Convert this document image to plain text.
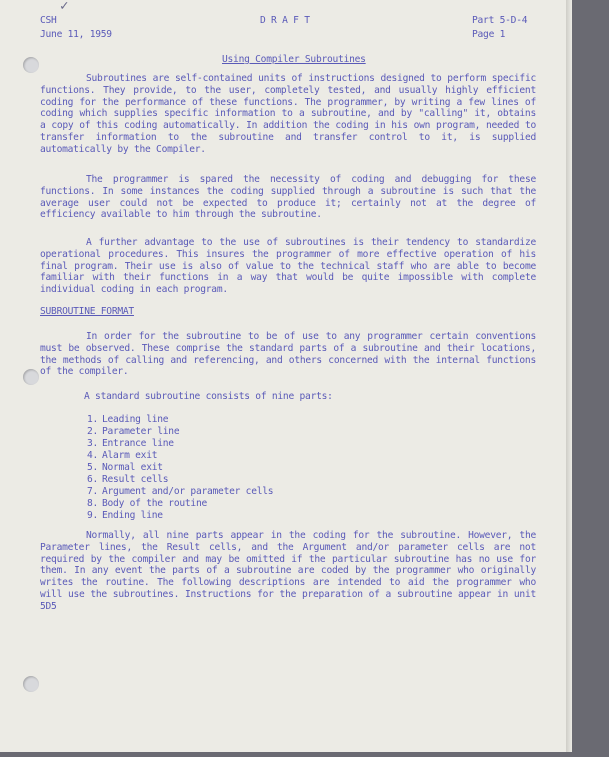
✓
CSH
June 11, 1959
D R A F T	Part 5-D-4
Page 1
Using Compiler Subroutines

Subroutines are self-contained units of instructions designed to perform specific functions. They provide, to the user, completely tested, and usually highly efficient coding for the performance of these functions. The programmer, by writing a few lines of coding which supplies specific information to a subroutine, and by "calling" it, obtains a copy of this coding automatically. In addition the coding in his own program, needed to transfer information to the subroutine and transfer control to it, is supplied automatically by the Compiler.

The programmer is spared the necessity of coding and debugging for these functions. In some instances the coding supplied through a subroutine is such that the average user could not be expected to produce it; certainly not at the degree of efficiency available to him through the subroutine.

A further advantage to the use of subroutines is their tendency to standardize operational procedures. This insures the programmer of more effective operation of his final program. Their use is also of value to the technical staff who are able to become familiar with their functions in a way that would be quite impossible with complete individual coding in each program.

SUBROUTINE FORMAT

In order for the subroutine to be of use to any programmer certain conventions must be observed. These comprise the standard parts of a subroutine and their locations, the methods of calling and referencing, and others concerned with the internal functions of the compiler.

A standard subroutine consists of nine parts:
1. Leading line
2. Parameter line
3. Entrance line
4. Alarm exit
5. Normal exit
6. Result cells
7. Argument and/or parameter cells
8. Body of the routine
9. Ending line

Normally, all nine parts appear in the coding for the subroutine. However, the Parameter lines, the Result cells, and the Argument and/or parameter cells are not required by the compiler and may be omitted if the particular subroutine has no use for them. In any event the parts of a subroutine are coded by the programmer who originally writes the routine. The following descriptions are intended to aid the programmer who will use the subroutines. Instructions for the preparation of a subroutine appear in unit 5D5
